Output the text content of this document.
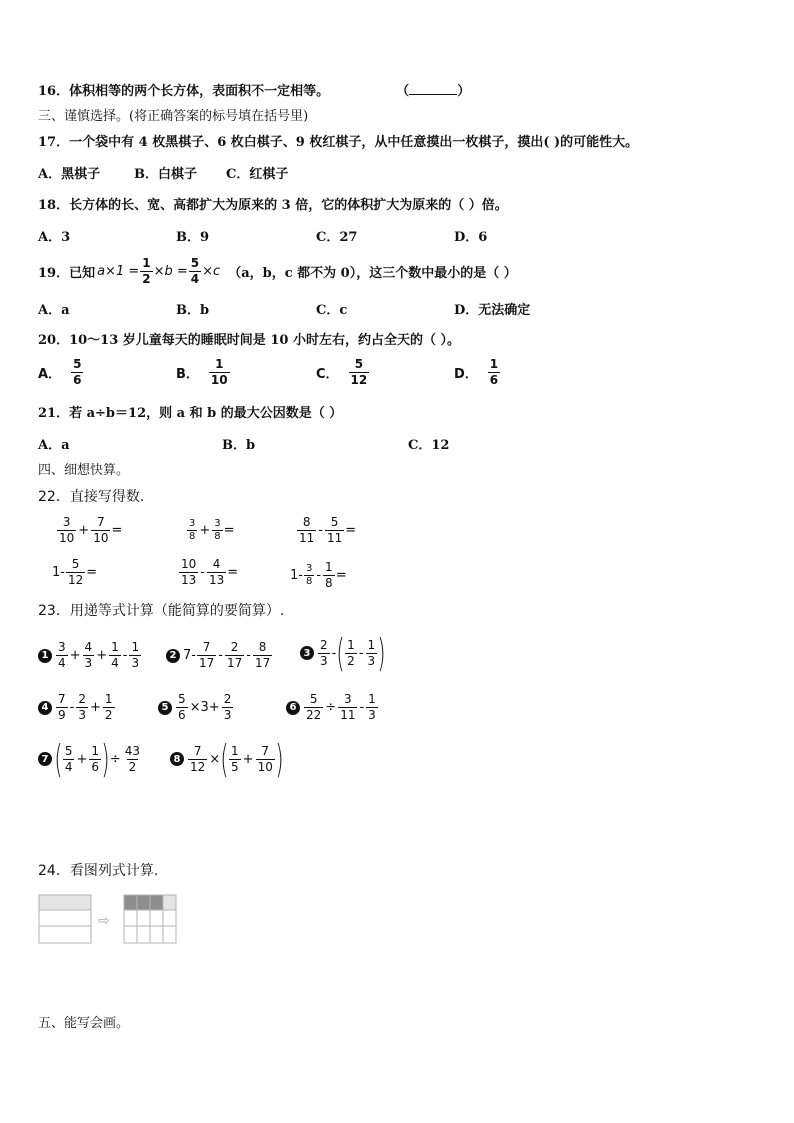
16．体积相等的两个长方体，表面积不一定相等。	（	）
三、谨慎选择。(将正确答案的标号填在括号里)
17．一个袋中有 4 枚黑棋子、6 枚白棋子、9 枚红棋子，从中任意摸出一枚棋子，摸出( )的可能性大。
A．黑棋子	B．白棋子 C．红棋子
18．长方体的长、宽、高都扩大为原来的 3 倍，它的体积扩大为原来的（ ）倍。
A．3	B．9	C．27	D．6
19．已知 $a\times 1 = \frac{1}{2} \times b = \frac{5}{4} \times c$ （a，b，c 都不为 0），这三个数中最小的是（ ）
A．a	B．b	C．c	D．无法确定
20．10～13 岁儿童每天的睡眠时间是 10 小时左右，约占全天的（ ）。
A． $\frac{5}{6}$	B． $\frac{1}{10}$	C． $\frac{5}{12}$	D． $\frac{1}{6}$
21．若 a÷b＝12，则 a 和 b 的最大公因数是（ ）
A．a	B．b	C．12
四、细想快算。
22．直接写得数.
$\frac{3}{10} + \frac{7}{10}$ =	$\frac{3}{8} + \frac{3}{8}$ =	$\frac{8}{11} - \frac{5}{11}$ =
$1- \frac{5}{12}$ =	$\frac{10}{13} - \frac{4}{13}$ =	$1- \frac{3}{8} - \frac{1}{8}$ =
23．用递等式计算（能简算的要简算）.
$1 \frac{3}{4} + \frac{4}{3} + \frac{1}{4} - \frac{1}{3}$	2 $7- \frac{7}{17} - \frac{2}{17} - \frac{8}{17}$	$3 \frac{2}{3}$ - ( $\frac{1}{2} - \frac{1}{3}$ )
$4 \frac{7}{9} - \frac{2}{3} + \frac{1}{2}$	$5 \frac{5}{6} \times 3+ \frac{2}{3}$	$6 \frac{5}{22} \div \frac{3}{11} - \frac{1}{3}$
7 ( $\frac{5}{4} + \frac{1}{6}$ ) ÷ $\frac{43}{2}$	$8 \frac{7}{12}$ × ( $\frac{1}{5} + \frac{7}{10}$ )
24．看图列式计算.
⇨
五、能写会画。
